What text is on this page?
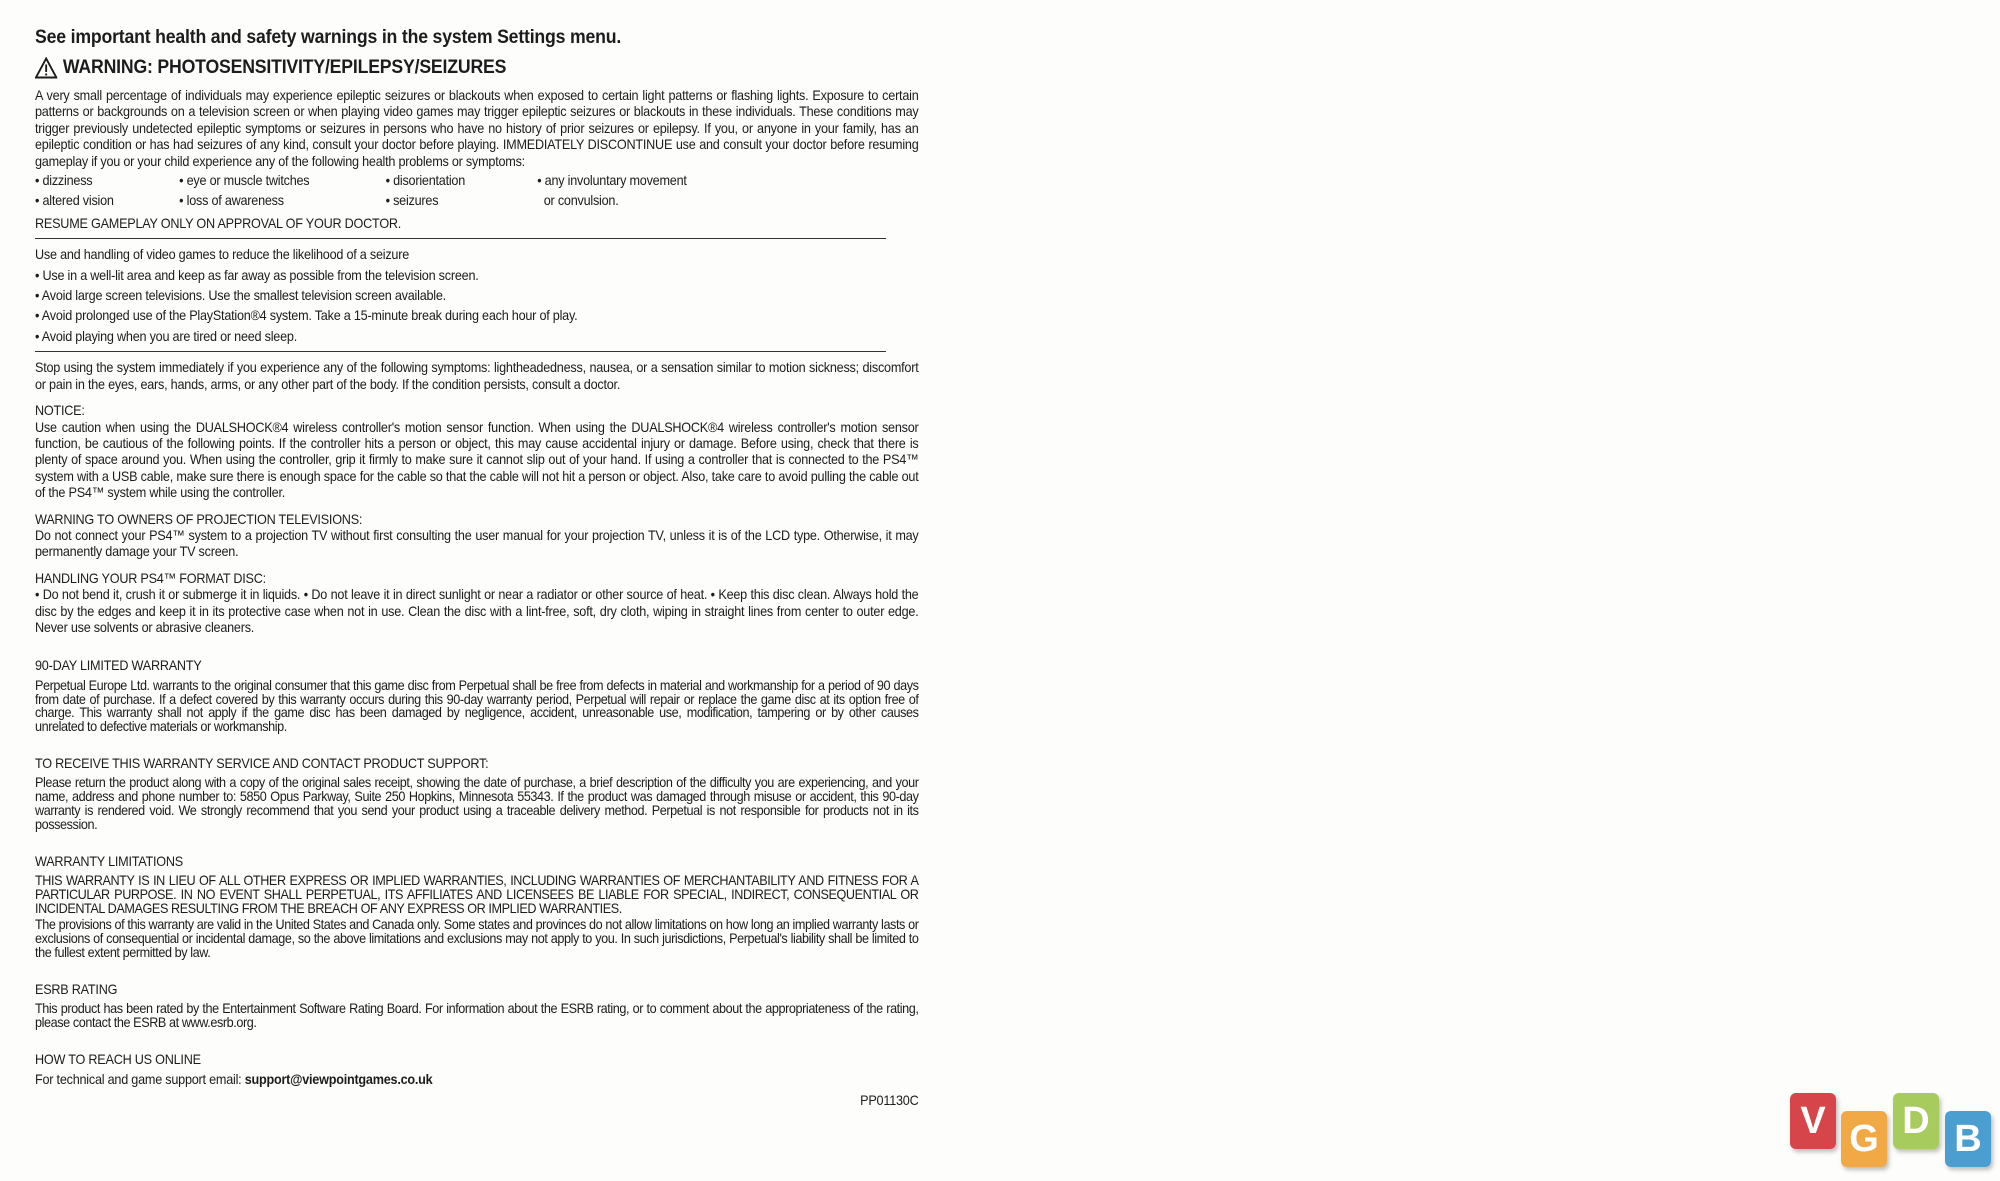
See important health and safety warnings in the system Settings menu.
WARNING: PHOTOSENSITIVITY/EPILEPSY/SEIZURES

A very small percentage of individuals may experience epileptic seizures or blackouts when exposed to certain light patterns or flashing lights. Exposure to certain patterns or backgrounds on a television screen or when playing video games may trigger epileptic seizures or blackouts in these individuals. These conditions may trigger previously undetected epileptic symptoms or seizures in persons who have no history of prior seizures or epilepsy. If you, or anyone in your family, has an epileptic condition or has had seizures of any kind, consult your doctor before playing. IMMEDIATELY DISCONTINUE use and consult your doctor before resuming gameplay if you or your child experience any of the following health problems or symptoms:

• dizziness	• eye or muscle twitches	• disorientation	• any involuntary movement
• altered vision	• loss of awareness	• seizures	or convulsion.
RESUME GAMEPLAY ONLY ON APPROVAL OF YOUR DOCTOR.
Use and handling of video games to reduce the likelihood of a seizure
• Use in a well-lit area and keep as far away as possible from the television screen.
• Avoid large screen televisions. Use the smallest television screen available.
• Avoid prolonged use of the PlayStation®4 system. Take a 15-minute break during each hour of play.
• Avoid playing when you are tired or need sleep.

Stop using the system immediately if you experience any of the following symptoms: lightheadedness, nausea, or a sensation similar to motion sickness; discomfort or pain in the eyes, ears, hands, arms, or any other part of the body. If the condition persists, consult a doctor.

NOTICE:

Use caution when using the DUALSHOCK®4 wireless controller's motion sensor function. When using the DUALSHOCK®4 wireless controller's motion sensor function, be cautious of the following points. If the controller hits a person or object, this may cause accidental injury or damage. Before using, check that there is plenty of space around you. When using the controller, grip it firmly to make sure it cannot slip out of your hand. If using a controller that is connected to the PS4™ system with a USB cable, make sure there is enough space for the cable so that the cable will not hit a person or object. Also, take care to avoid pulling the cable out of the PS4™ system while using the controller.

WARNING TO OWNERS OF PROJECTION TELEVISIONS:

Do not connect your PS4™ system to a projection TV without first consulting the user manual for your projection TV, unless it is of the LCD type. Otherwise, it may permanently damage your TV screen.

HANDLING YOUR PS4™ FORMAT DISC:

• Do not bend it, crush it or submerge it in liquids. • Do not leave it in direct sunlight or near a radiator or other source of heat. • Keep this disc clean. Always hold the disc by the edges and keep it in its protective case when not in use. Clean the disc with a lint-free, soft, dry cloth, wiping in straight lines from center to outer edge. Never use solvents or abrasive cleaners.

90-DAY LIMITED WARRANTY

Perpetual Europe Ltd. warrants to the original consumer that this game disc from Perpetual shall be free from defects in material and workmanship for a period of 90 days from date of purchase. If a defect covered by this warranty occurs during this 90-day warranty period, Perpetual will repair or replace the game disc at its option free of charge. This warranty shall not apply if the game disc has been damaged by negligence, accident, unreasonable use, modification, tampering or by other causes unrelated to defective materials or workmanship.

TO RECEIVE THIS WARRANTY SERVICE AND CONTACT PRODUCT SUPPORT:

Please return the product along with a copy of the original sales receipt, showing the date of purchase, a brief description of the difficulty you are experiencing, and your name, address and phone number to: 5850 Opus Parkway, Suite 250 Hopkins, Minnesota 55343. If the product was damaged through misuse or accident, this 90-day warranty is rendered void. We strongly recommend that you send your product using a traceable delivery method. Perpetual is not responsible for products not in its possession.

WARRANTY LIMITATIONS

THIS WARRANTY IS IN LIEU OF ALL OTHER EXPRESS OR IMPLIED WARRANTIES, INCLUDING WARRANTIES OF MERCHANTABILITY AND FITNESS FOR A PARTICULAR PURPOSE. IN NO EVENT SHALL PERPETUAL, ITS AFFILIATES AND LICENSEES BE LIABLE FOR SPECIAL, INDIRECT, CONSEQUENTIAL OR INCIDENTAL DAMAGES RESULTING FROM THE BREACH OF ANY EXPRESS OR IMPLIED WARRANTIES.

The provisions of this warranty are valid in the United States and Canada only. Some states and provinces do not allow limitations on how long an implied warranty lasts or exclusions of consequential or incidental damage, so the above limitations and exclusions may not apply to you. In such jurisdictions, Perpetual's liability shall be limited to the fullest extent permitted by law.

ESRB RATING

This product has been rated by the Entertainment Software Rating Board. For information about the ESRB rating, or to comment about the appropriateness of the rating, please contact the ESRB at www.esrb.org.

HOW TO REACH US ONLINE
For technical and game support email: support@viewpointgames.co.uk
PP01130C	V G D B
